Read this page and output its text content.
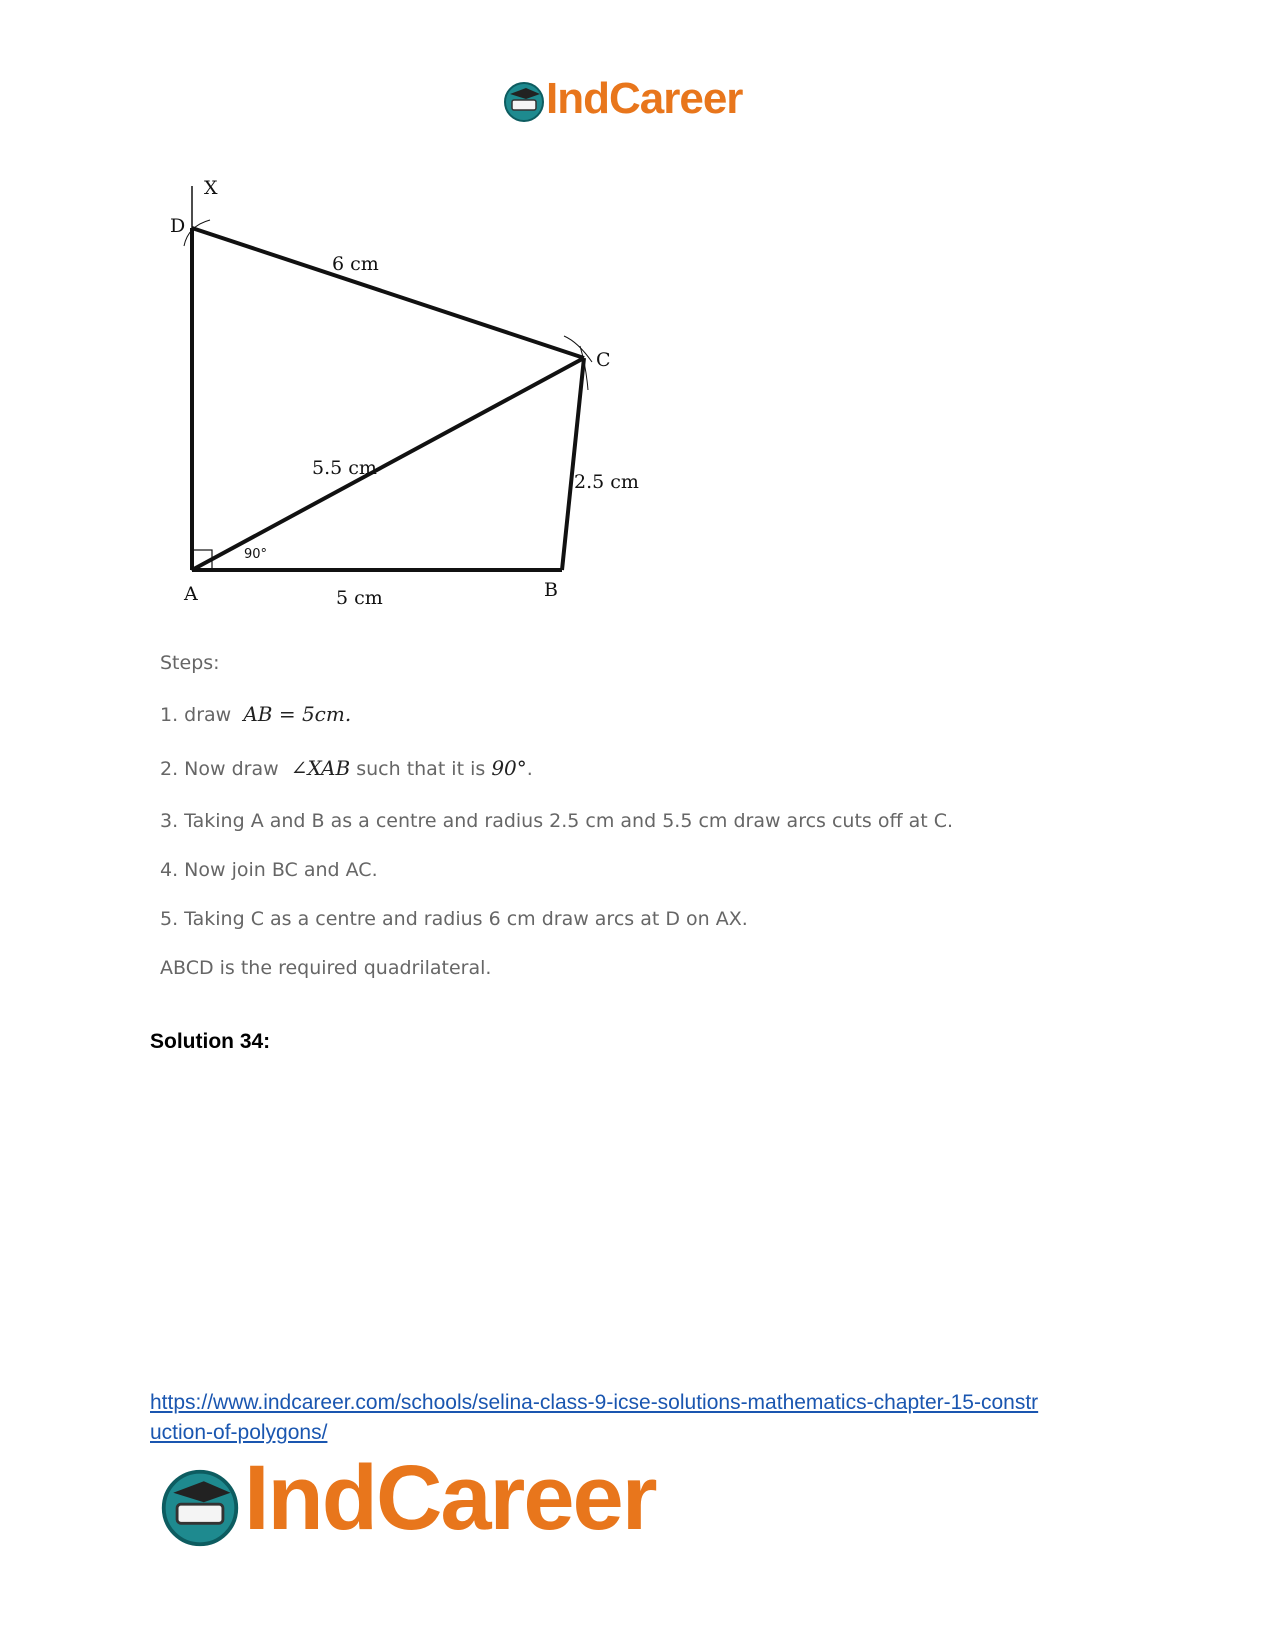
IndCareer
X
D
C
A	B
6 cm
5.5 cm
2.5 cm
5 cm
90°

Steps:

1. draw AB = 5cm.

2. Now draw ∠XAB such that it is 90°.

3. Taking A and B as a centre and radius 2.5 cm and 5.5 cm draw arcs cuts off at C.

4. Now join BC and AC.

5. Taking C as a centre and radius 6 cm draw arcs at D on AX.

ABCD is the required quadrilateral.

Solution 34:
https://www.indcareer.com/schools/selina-class-9-icse-solutions-mathematics-chapter-15-constr
uction-of-polygons/
IndCareer
